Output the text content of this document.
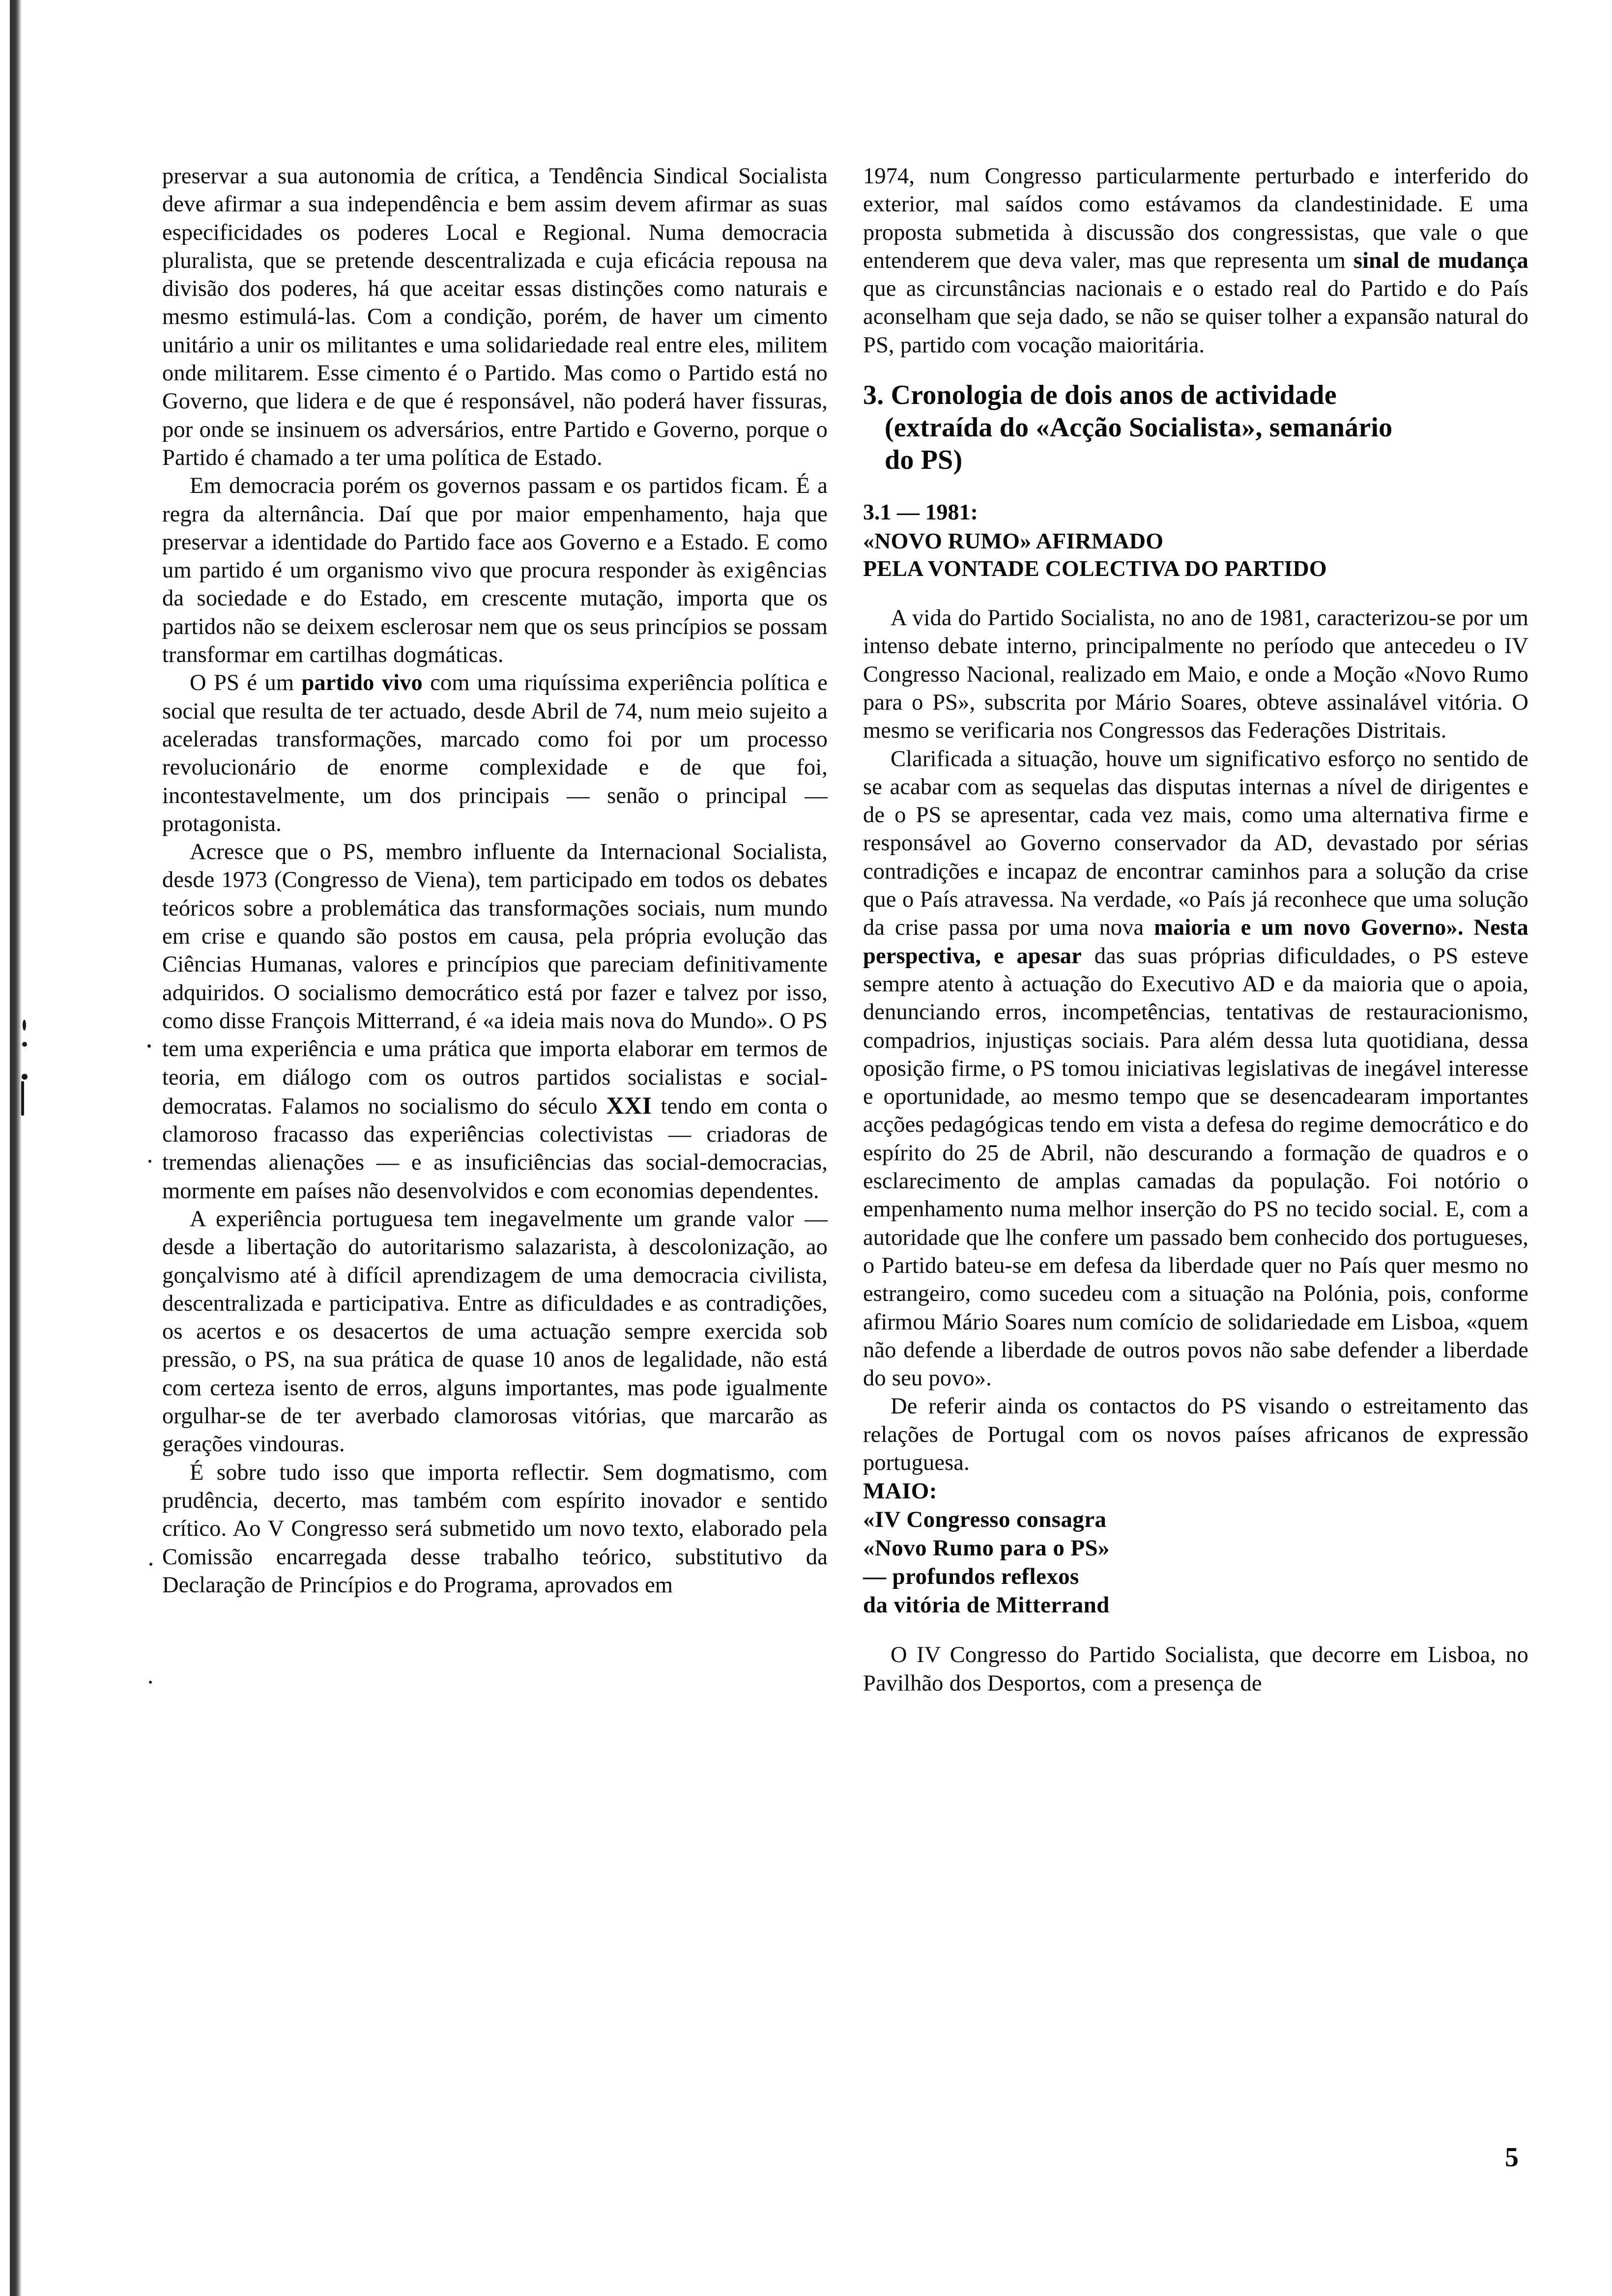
preservar a sua autonomia de crítica, a Tendência Sindical Socialista deve afirmar a sua independência e bem assim devem afirmar as suas especificidades os poderes Local e Regional. Numa democracia pluralista, que se pretende descentralizada e cuja eficácia repousa na divisão dos poderes, há que aceitar essas distinções como naturais e mesmo estimulá-las. Com a condição, porém, de haver um cimento unitário a unir os militantes e uma solidariedade real entre eles, militem onde militarem. Esse cimento é o Partido. Mas como o Partido está no Governo, que lidera e de que é responsável, não poderá haver fissuras, por onde se insinuem os adversários, entre Partido e Governo, porque o Partido é chamado a ter uma política de Estado.

Em democracia porém os governos passam e os partidos ficam. É a regra da alternância. Daí que por maior empenhamento, haja que preservar a identidade do Partido face aos Governo e a Estado. E como um partido é um organismo vivo que procura responder às exigências da sociedade e do Estado, em crescente mutação, importa que os partidos não se deixem esclerosar nem que os seus princípios se possam transformar em cartilhas dogmáticas.

O PS é um partido vivo com uma riquíssima experiência política e social que resulta de ter actuado, desde Abril de 74, num meio sujeito a aceleradas transformações, marcado como foi por um processo revolucionário de enorme complexidade e de que foi, incontestavelmente, um dos principais — senão o principal — protagonista.

Acresce que o PS, membro influente da Internacional Socialista, desde 1973 (Congresso de Viena), tem participado em todos os debates teóricos sobre a problemática das transformações sociais, num mundo em crise e quando são postos em causa, pela própria evolução das Ciências Humanas, valores e princípios que pareciam definitivamente adquiridos. O socialismo democrático está por fazer e talvez por isso, como disse François Mitterrand, é «a ideia mais nova do Mundo». O PS tem uma experiência e uma prática que importa elaborar em termos de teoria, em diálogo com os outros partidos socialistas e social-democratas. Falamos no socialismo do século XXI tendo em conta o clamoroso fracasso das experiências colectivistas — criadoras de tremendas alienações — e as insuficiências das social-democracias, mormente em países não desenvolvidos e com economias dependentes.

A experiência portuguesa tem inegavelmente um grande valor — desde a libertação do autoritarismo salazarista, à descolonização, ao gonçalvismo até à difícil aprendizagem de uma democracia civilista, descentralizada e participativa. Entre as dificuldades e as contradições, os acertos e os desacertos de uma actuação sempre exercida sob pressão, o PS, na sua prática de quase 10 anos de legalidade, não está com certeza isento de erros, alguns importantes, mas pode igualmente orgulhar-se de ter averbado clamorosas vitórias, que marcarão as gerações vindouras.

É sobre tudo isso que importa reflectir. Sem dogmatismo, com prudência, decerto, mas também com espírito inovador e sentido crítico. Ao V Congresso será submetido um novo texto, elaborado pela Comissão encarregada desse trabalho teórico, substitutivo da Declaração de Princípios e do Programa, aprovados em

1974, num Congresso particularmente perturbado e interferido do exterior, mal saídos como estávamos da clandestinidade. E uma proposta submetida à discussão dos congressistas, que vale o que entenderem que deva valer, mas que representa um sinal de mudança que as circunstâncias nacionais e o estado real do Partido e do País aconselham que seja dado, se não se quiser tolher a expansão natural do PS, partido com vocação maioritária.

3. Cronologia de dois anos de actividade
(extraída do «Acção Socialista», semanário
do PS)
3.1 — 1981:
«NOVO RUMO» AFIRMADO
PELA VONTADE COLECTIVA DO PARTIDO

A vida do Partido Socialista, no ano de 1981, caracterizou-se por um intenso debate interno, principalmente no período que antecedeu o IV Congresso Nacional, realizado em Maio, e onde a Moção «Novo Rumo para o PS», subscrita por Mário Soares, obteve assinalável vitória. O mesmo se verificaria nos Congressos das Federações Distritais.

Clarificada a situação, houve um significativo esforço no sentido de se acabar com as sequelas das disputas internas a nível de dirigentes e de o PS se apresentar, cada vez mais, como uma alternativa firme e responsável ao Governo conservador da AD, devastado por sérias contradições e incapaz de encontrar caminhos para a solução da crise que o País atravessa. Na verdade, «o País já reconhece que uma solução da crise passa por uma nova maioria e um novo Governo». Nesta perspectiva, e apesar das suas próprias dificuldades, o PS esteve sempre atento à actuação do Executivo AD e da maioria que o apoia, denunciando erros, incompetências, tentativas de restauracionismo, compadrios, injustiças sociais. Para além dessa luta quotidiana, dessa oposição firme, o PS tomou iniciativas legislativas de inegável interesse e oportunidade, ao mesmo tempo que se desencadearam importantes acções pedagógicas tendo em vista a defesa do regime democrático e do espírito do 25 de Abril, não descurando a formação de quadros e o esclarecimento de amplas camadas da população. Foi notório o empenhamento numa melhor inserção do PS no tecido social. E, com a autoridade que lhe confere um passado bem conhecido dos portugueses, o Partido bateu-se em defesa da liberdade quer no País quer mesmo no estrangeiro, como sucedeu com a situação na Polónia, pois, conforme afirmou Mário Soares num comício de solidariedade em Lisboa, «quem não defende a liberdade de outros povos não sabe defender a liberdade do seu povo».

De referir ainda os contactos do PS visando o estreitamento das relações de Portugal com os novos países africanos de expressão portuguesa.

MAIO:
«IV Congresso consagra
«Novo Rumo para o PS»
— profundos reflexos
da vitória de Mitterrand

O IV Congresso do Partido Socialista, que decorre em Lisboa, no Pavilhão dos Desportos, com a presença de

5
